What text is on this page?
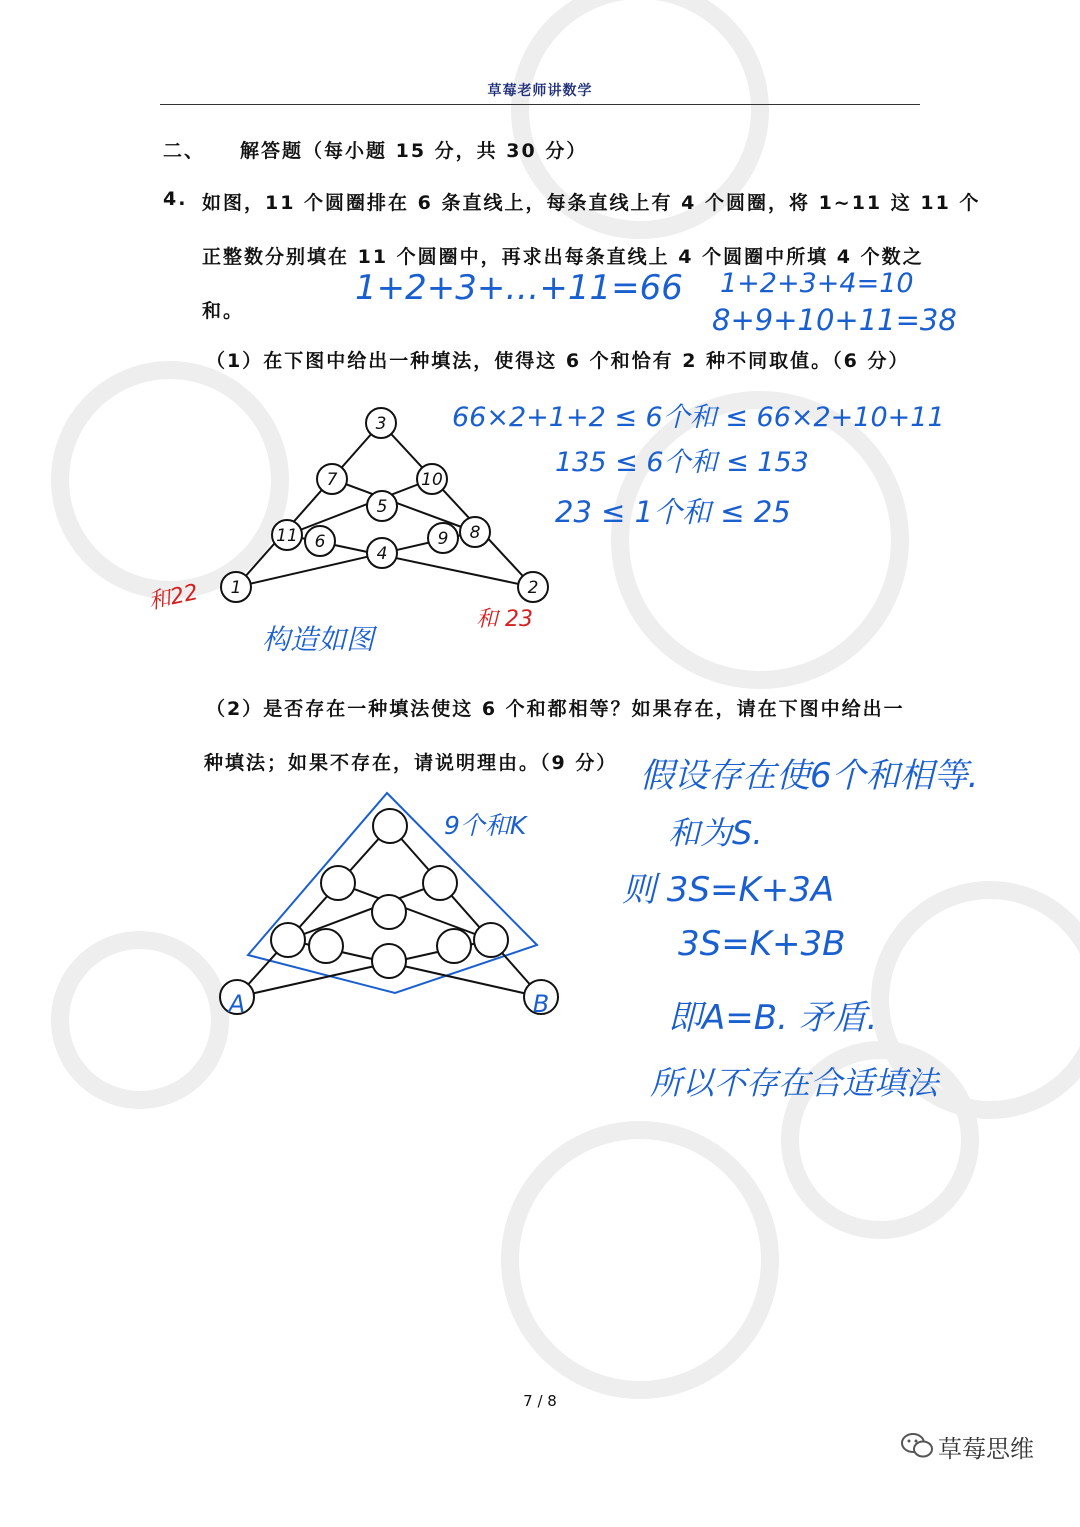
草莓老师讲数学
二、 解答题（每小题 15 分，共 30 分）
4. 如图，11 个圆圈排在 6 条直线上，每条直线上有 4 个圆圈，将 1~11 这 11 个
正整数分别填在 11 个圆圈中，再求出每条直线上 4 个圆圈中所填 4 个数之
和。
1+2+3+…+11=66 1+2+3+4=10
8+9+10+11=38
（1）在下图中给出一种填法，使得这 6 个和恰有 2 种不同取值。（6 分）
66×2+1+2 ≤ 6个和 ≤ 66×2+10+11
135 ≤ 6个和 ≤ 153
23 ≤ 1个和 ≤ 25
3
7	10
5
11 6	9 8
4
1	2
和22
和 23
构造如图
（2）是否存在一种填法使这 6 个和都相等？如果存在，请在下图中给出一
种填法；如果不存在，请说明理由。（9 分）
A	B
9个和K
假设存在使6个和相等.
和为S.
则 3S=K+3A
3S=K+3B
即A=B. 矛盾.
所以不存在合适填法
7 / 8
草莓思维
